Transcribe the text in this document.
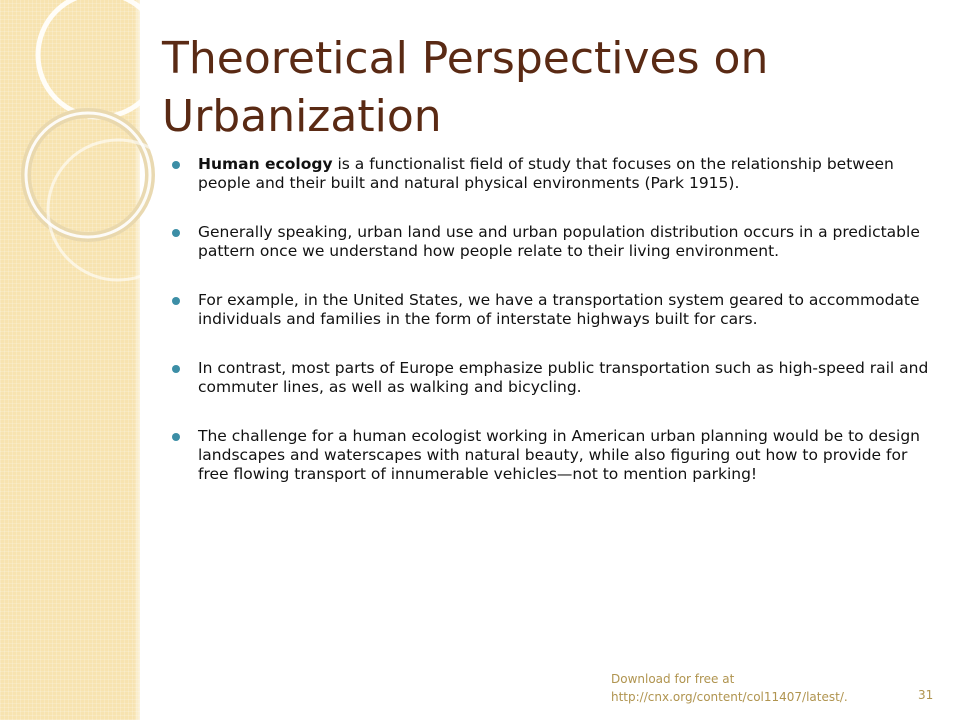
Theoretical Perspectives on
Urbanization
Human ecology is a functionalist field of study that focuses on the relationship between people and their built and natural physical environments (Park 1915).
Generally speaking, urban land use and urban population distribution occurs in a predictable pattern once we understand how people relate to their living environment.
For example, in the United States, we have a transportation system geared to accommodate individuals and families in the form of interstate highways built for cars.
In contrast, most parts of Europe emphasize public transportation such as high-speed rail and commuter lines, as well as walking and bicycling.
The challenge for a human ecologist working in American urban planning would be to design landscapes and waterscapes with natural beauty, while also figuring out how to provide for free flowing transport of innumerable vehicles—not to mention parking!
Download for free at
http://cnx.org/content/col11407/latest/.	31
